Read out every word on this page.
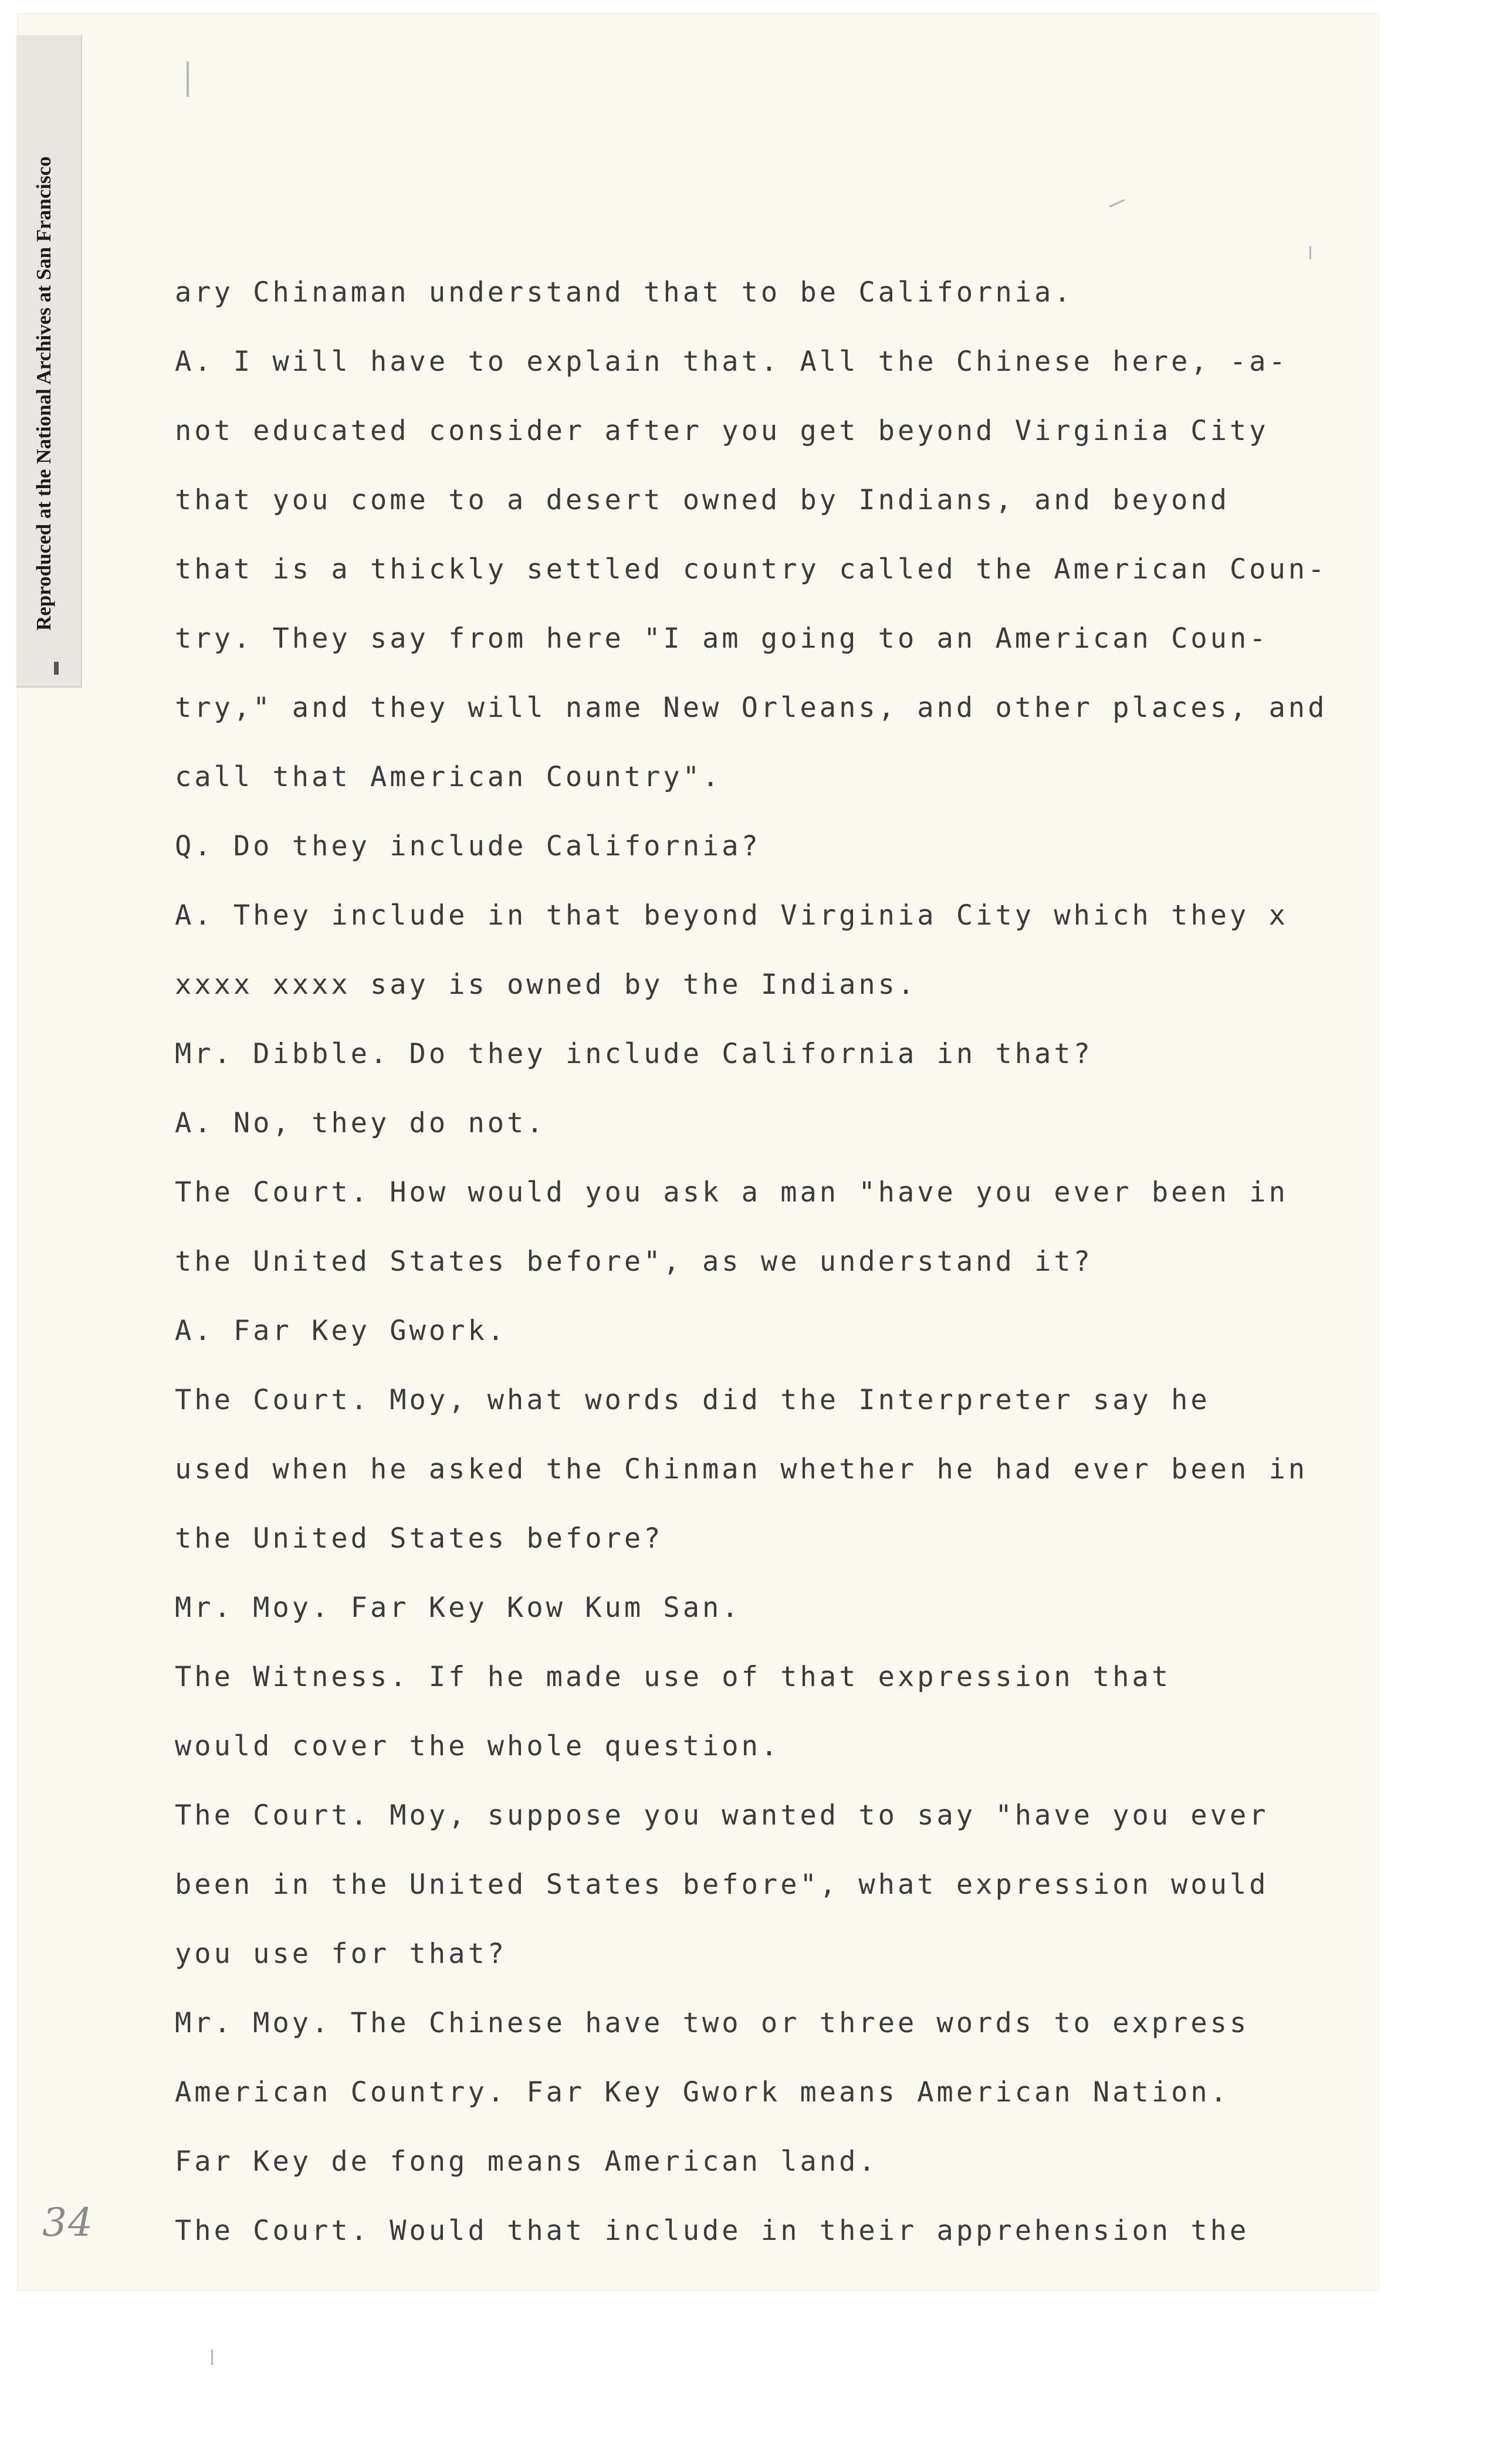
Reproduced at the National Archives at San Francisco	ary Chinaman understand that to be California.
A. I will have to explain that. All the Chinese here, -a-
not educated consider after you get beyond Virginia City
that you come to a desert owned by Indians, and beyond
that is a thickly settled country called the American Coun-
try. They say from here "I am going to an American Coun-
try," and they will name New Orleans, and other places, and
call that American Country".
Q. Do they include California?
A. They include in that beyond Virginia City which they x
xxxx xxxx say is owned by the Indians.
Mr. Dibble. Do they include California in that?
A. No, they do not.
The Court. How would you ask a man "have you ever been in
the United States before", as we understand it?
A. Far Key Gwork.
The Court. Moy, what words did the Interpreter say he
used when he asked the Chinman whether he had ever been in
the United States before?
Mr. Moy. Far Key Kow Kum San.
The Witness. If he made use of that expression that
would cover the whole question.
The Court. Moy, suppose you wanted to say "have you ever
been in the United States before", what expression would
you use for that?
Mr. Moy. The Chinese have two or three words to express
American Country. Far Key Gwork means American Nation.
Far Key de fong means American land.
The Court. Would that include in their apprehension the
34
